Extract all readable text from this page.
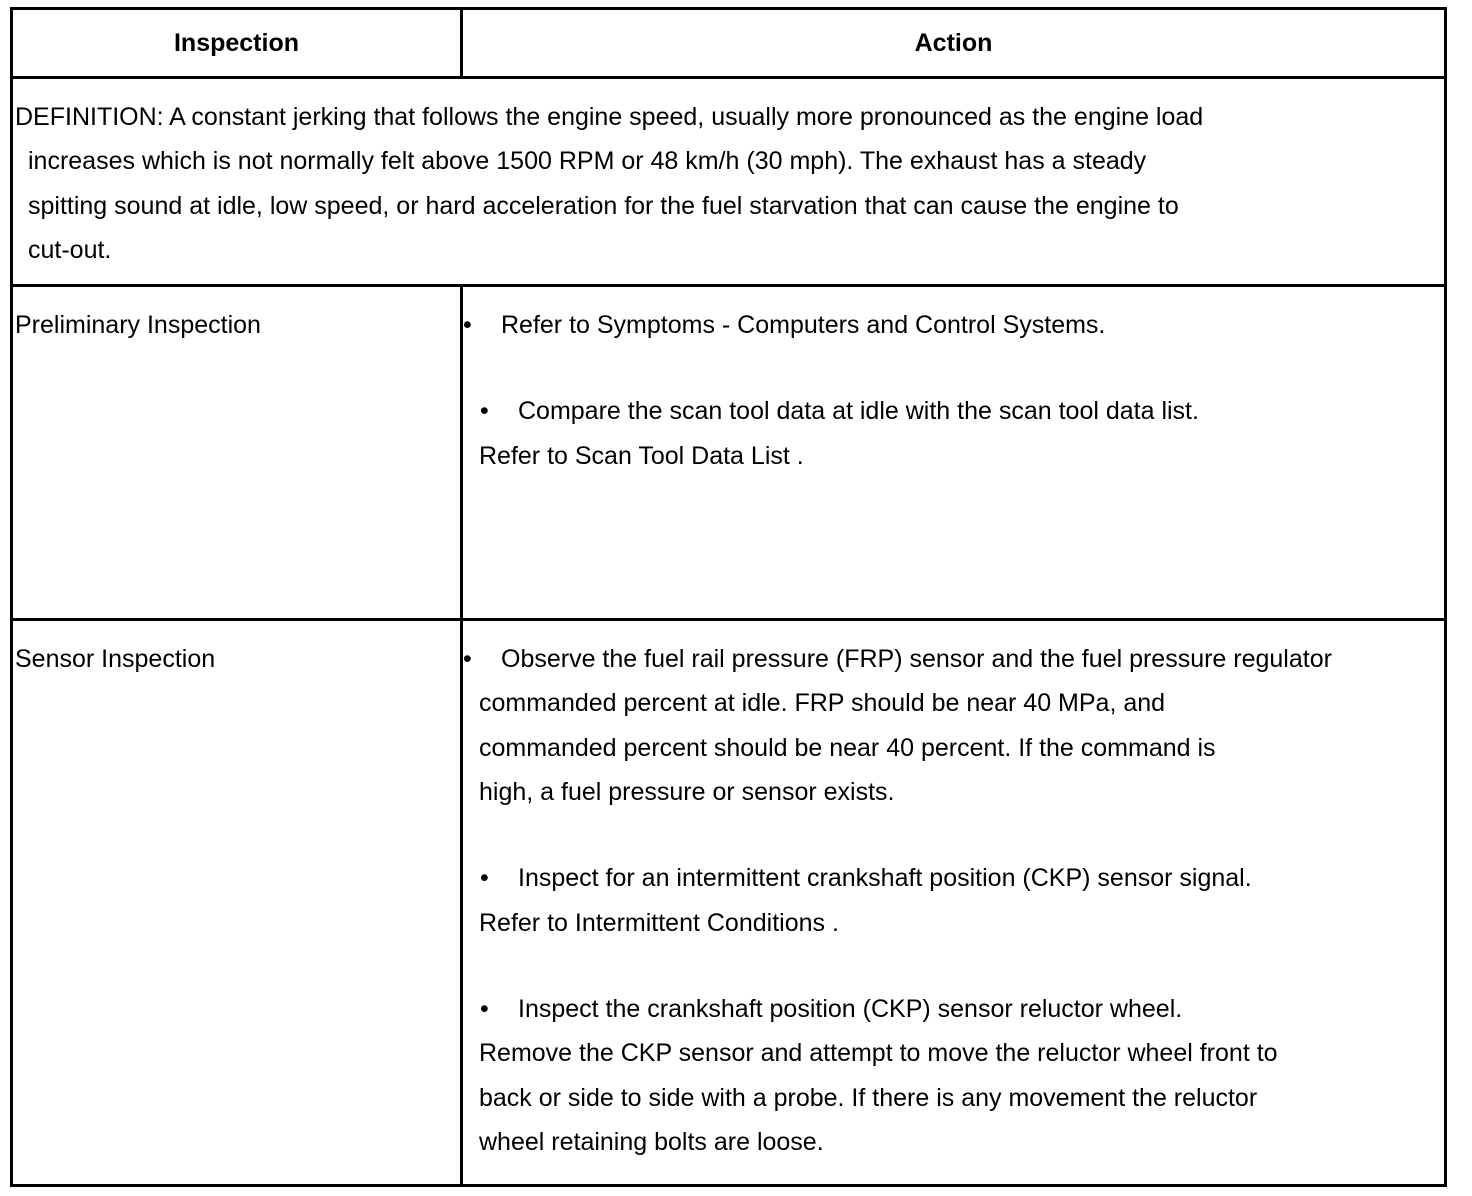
Inspection	Action
DEFINITION: A constant jerking that follows the engine speed, usually more pronounced as the engine load
increases which is not normally felt above 1500 RPM or 48 km/h (30 mph). The exhaust has a steady
spitting sound at idle, low speed, or hard acceleration for the fuel starvation that can cause the engine to
cut-out.
Preliminary Inspection	• Refer to Symptoms - Computers and Control Systems.
• Compare the scan tool data at idle with the scan tool data list.
Refer to Scan Tool Data List .
Sensor Inspection	• Observe the fuel rail pressure (FRP) sensor and the fuel pressure regulator
commanded percent at idle. FRP should be near 40 MPa, and
commanded percent should be near 40 percent. If the command is
high, a fuel pressure or sensor exists.
• Inspect for an intermittent crankshaft position (CKP) sensor signal.
Refer to Intermittent Conditions .
• Inspect the crankshaft position (CKP) sensor reluctor wheel.
Remove the CKP sensor and attempt to move the reluctor wheel front to
back or side to side with a probe. If there is any movement the reluctor
wheel retaining bolts are loose.
